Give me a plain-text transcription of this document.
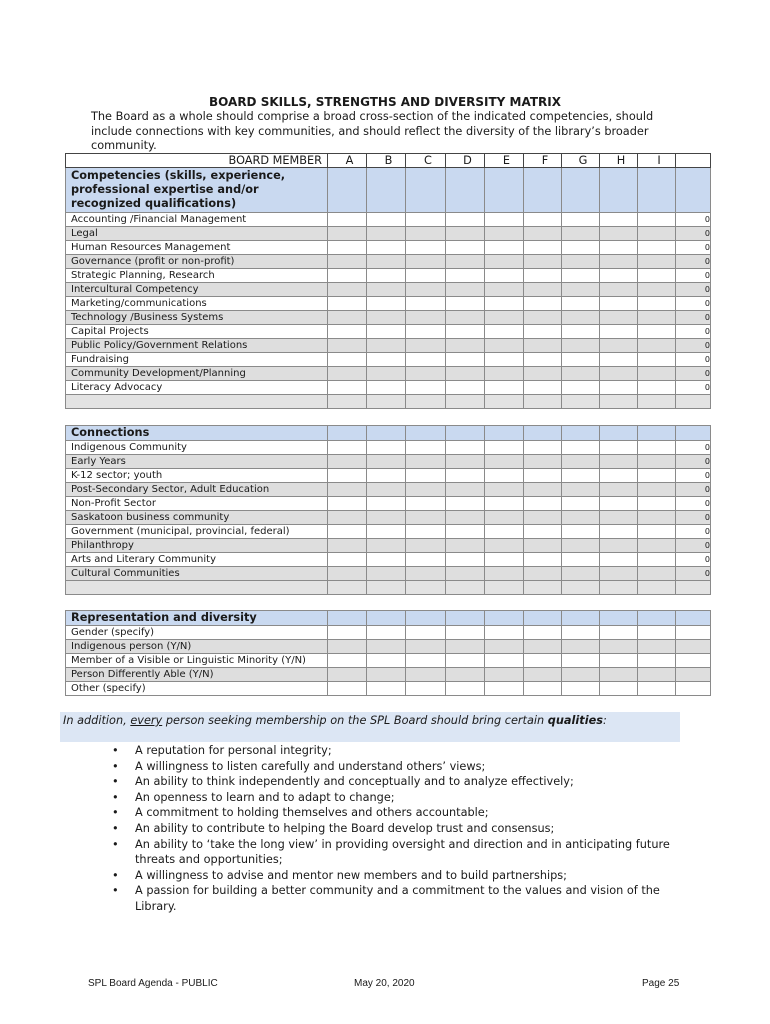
BOARD SKILLS, STRENGTHS AND DIVERSITY MATRIX
The Board as a whole should comprise a broad cross-section of the indicated competencies, should include connections with key communities, and should reflect the diversity of the library’s broader community.
BOARD MEMBER	A	B	C	D	E	F	G	H	I	
Competencies (skills, experience, professional expertise and/or recognized qualifications)										
Accounting /Financial Management										0
Legal										0
Human Resources Management										0
Governance (profit or non-profit)										0
Strategic Planning, Research										0
Intercultural Competency										0
Marketing/communications										0
Technology /Business Systems										0
Capital Projects										0
Public Policy/Government Relations										0
Fundraising										0
Community Development/Planning										0
Literacy Advocacy										0

Connections										
Indigenous Community										0
Early Years										0
K-12 sector; youth										0
Post-Secondary Sector, Adult Education										0
Non-Profit Sector										0
Saskatoon business community										0
Government (municipal, provincial, federal)										0
Philanthropy										0
Arts and Literary Community										0
Cultural Communities										0

Representation and diversity										
Gender (specify)										
Indigenous person (Y/N)										
Member of a Visible or Linguistic Minority (Y/N)										
Person Differently Able (Y/N)										
Other (specify)										
In addition, every person seeking membership on the SPL Board should bring certain qualities:
• A reputation for personal integrity;
• A willingness to listen carefully and understand others’ views;
• An ability to think independently and conceptually and to analyze effectively;
• An openness to learn and to adapt to change;
• A commitment to holding themselves and others accountable;
• An ability to contribute to helping the Board develop trust and consensus;
• An ability to ‘take the long view’ in providing oversight and direction and in anticipating future threats and opportunities;
• A willingness to advise and mentor new members and to build partnerships;
• A passion for building a better community and a commitment to the values and vision of the Library.
SPL Board Agenda - PUBLIC	May 20, 2020	Page 25
